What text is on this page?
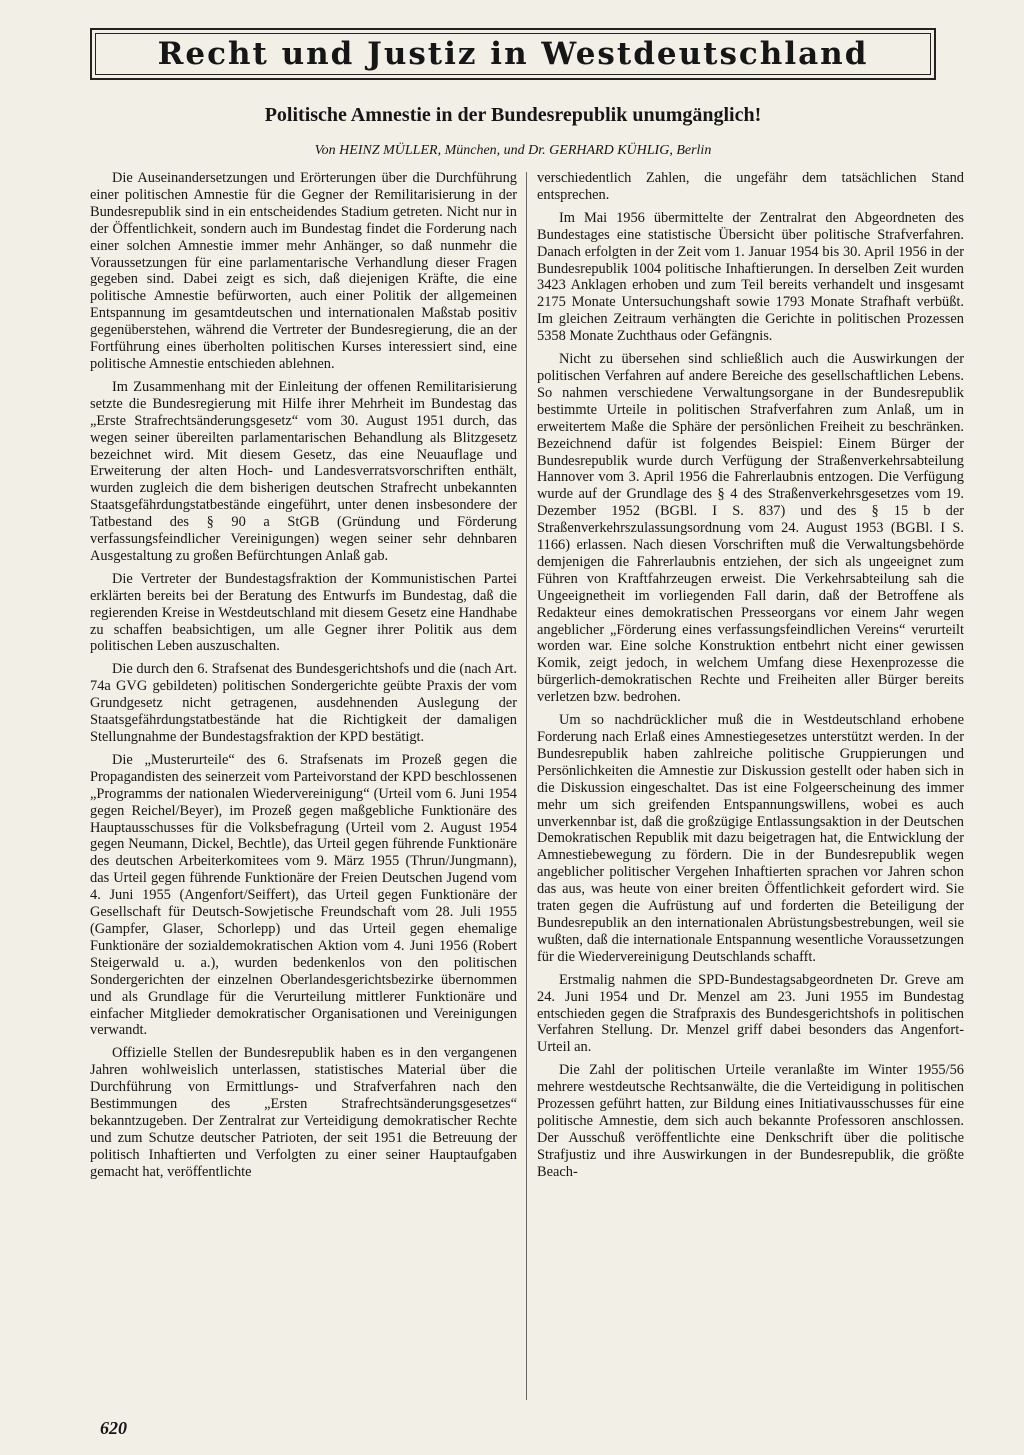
Recht und Justiz in Westdeutschland
Politische Amnestie in der Bundesrepublik unumgänglich!
Von HEINZ MÜLLER, München, und Dr. GERHARD KÜHLIG, Berlin

Die Auseinandersetzungen und Erörterungen über die Durchführung einer politischen Amnestie für die Gegner der Remilitarisierung in der Bundesrepublik sind in ein entscheidendes Stadium getreten. Nicht nur in der Öffentlichkeit, sondern auch im Bundestag findet die Forderung nach einer solchen Amnestie immer mehr Anhänger, so daß nunmehr die Voraussetzungen für eine parlamentarische Verhandlung dieser Fragen gegeben sind. Dabei zeigt es sich, daß diejenigen Kräfte, die eine politische Amnestie befürworten, auch einer Politik der allgemeinen Entspannung im gesamtdeutschen und internationalen Maßstab positiv gegenüberstehen, während die Vertreter der Bundesregierung, die an der Fortführung eines überholten politischen Kurses interessiert sind, eine politische Amnestie entschieden ablehnen.

Im Zusammenhang mit der Einleitung der offenen Remilitarisierung setzte die Bundesregierung mit Hilfe ihrer Mehrheit im Bundestag das „Erste Strafrechtsänderungsgesetz“ vom 30. August 1951 durch, das wegen seiner übereilten parlamentarischen Behandlung als Blitzgesetz bezeichnet wird. Mit diesem Gesetz, das eine Neuauflage und Erweiterung der alten Hoch- und Landesverratsvorschriften enthält, wurden zugleich die dem bisherigen deutschen Strafrecht unbekannten Staatsgefährdungstatbestände eingeführt, unter denen insbesondere der Tatbestand des § 90 a StGB (Gründung und Förderung verfassungsfeindlicher Vereinigungen) wegen seiner sehr dehnbaren Ausgestaltung zu großen Befürchtungen Anlaß gab.

Die Vertreter der Bundestagsfraktion der Kommunistischen Partei erklärten bereits bei der Beratung des Entwurfs im Bundestag, daß die regierenden Kreise in Westdeutschland mit diesem Gesetz eine Handhabe zu schaffen beabsichtigen, um alle Gegner ihrer Politik aus dem politischen Leben auszuschalten.

Die durch den 6. Strafsenat des Bundesgerichtshofs und die (nach Art. 74a GVG gebildeten) politischen Sondergerichte geübte Praxis der vom Grundgesetz nicht getragenen, ausdehnenden Auslegung der Staatsgefährdungstatbestände hat die Richtigkeit der damaligen Stellungnahme der Bundestagsfraktion der KPD bestätigt.

Die „Musterurteile“ des 6. Strafsenats im Prozeß gegen die Propagandisten des seinerzeit vom Parteivorstand der KPD beschlossenen „Programms der nationalen Wiedervereinigung“ (Urteil vom 6. Juni 1954 gegen Reichel/Beyer), im Prozeß gegen maßgebliche Funktionäre des Hauptausschusses für die Volksbefragung (Urteil vom 2. August 1954 gegen Neumann, Dickel, Bechtle), das Urteil gegen führende Funktionäre des deutschen Arbeiterkomitees vom 9. März 1955 (Thrun/Jungmann), das Urteil gegen führende Funktionäre der Freien Deutschen Jugend vom 4. Juni 1955 (Angenfort/Seiffert), das Urteil gegen Funktionäre der Gesellschaft für Deutsch-Sowjetische Freundschaft vom 28. Juli 1955 (Gampfer, Glaser, Schorlepp) und das Urteil gegen ehemalige Funktionäre der sozialdemokratischen Aktion vom 4. Juni 1956 (Robert Steigerwald u. a.), wurden bedenkenlos von den politischen Sondergerichten der einzelnen Oberlandesgerichtsbezirke übernommen und als Grundlage für die Verurteilung mittlerer Funktionäre und einfacher Mitglieder demokratischer Organisationen und Vereinigungen verwandt.

Offizielle Stellen der Bundesrepublik haben es in den vergangenen Jahren wohlweislich unterlassen, statistisches Material über die Durchführung von Ermittlungs- und Strafverfahren nach den Bestimmungen des „Ersten Strafrechtsänderungsgesetzes“ bekanntzugeben. Der Zentralrat zur Verteidigung demokratischer Rechte und zum Schutze deutscher Patrioten, der seit 1951 die Betreuung der politisch Inhaftierten und Verfolgten zu einer seiner Hauptaufgaben gemacht hat, veröffentlichte

verschiedentlich Zahlen, die ungefähr dem tatsächlichen Stand entsprechen.

Im Mai 1956 übermittelte der Zentralrat den Abgeordneten des Bundestages eine statistische Übersicht über politische Strafverfahren. Danach erfolgten in der Zeit vom 1. Januar 1954 bis 30. April 1956 in der Bundesrepublik 1004 politische Inhaftierungen. In derselben Zeit wurden 3423 Anklagen erhoben und zum Teil bereits verhandelt und insgesamt 2175 Monate Untersuchungshaft sowie 1793 Monate Strafhaft verbüßt. Im gleichen Zeitraum verhängten die Gerichte in politischen Prozessen 5358 Monate Zuchthaus oder Gefängnis.

Nicht zu übersehen sind schließlich auch die Auswirkungen der politischen Verfahren auf andere Bereiche des gesellschaftlichen Lebens. So nahmen verschiedene Verwaltungsorgane in der Bundesrepublik bestimmte Urteile in politischen Strafverfahren zum Anlaß, um in erweitertem Maße die Sphäre der persönlichen Freiheit zu beschränken. Bezeichnend dafür ist folgendes Beispiel: Einem Bürger der Bundesrepublik wurde durch Verfügung der Straßenverkehrsabteilung Hannover vom 3. April 1956 die Fahrerlaubnis entzogen. Die Verfügung wurde auf der Grundlage des § 4 des Straßenverkehrsgesetzes vom 19. Dezember 1952 (BGBl. I S. 837) und des § 15 b der Straßenverkehrszulassungsordnung vom 24. August 1953 (BGBl. I S. 1166) erlassen. Nach diesen Vorschriften muß die Verwaltungsbehörde demjenigen die Fahrerlaubnis entziehen, der sich als ungeeignet zum Führen von Kraftfahrzeugen erweist. Die Verkehrsabteilung sah die Ungeeignetheit im vorliegenden Fall darin, daß der Betroffene als Redakteur eines demokratischen Presseorgans vor einem Jahr wegen angeblicher „Förderung eines verfassungsfeindlichen Vereins“ verurteilt worden war. Eine solche Konstruktion entbehrt nicht einer gewissen Komik, zeigt jedoch, in welchem Umfang diese Hexenprozesse die bürgerlich-demokratischen Rechte und Freiheiten aller Bürger bereits verletzen bzw. bedrohen.

Um so nachdrücklicher muß die in Westdeutschland erhobene Forderung nach Erlaß eines Amnestiegesetzes unterstützt werden. In der Bundesrepublik haben zahlreiche politische Gruppierungen und Persönlichkeiten die Amnestie zur Diskussion gestellt oder haben sich in die Diskussion eingeschaltet. Das ist eine Folgeerscheinung des immer mehr um sich greifenden Entspannungswillens, wobei es auch unverkennbar ist, daß die großzügige Entlassungsaktion in der Deutschen Demokratischen Republik mit dazu beigetragen hat, die Entwicklung der Amnestiebewegung zu fördern. Die in der Bundesrepublik wegen angeblicher politischer Vergehen Inhaftierten sprachen vor Jahren schon das aus, was heute von einer breiten Öffentlichkeit gefordert wird. Sie traten gegen die Aufrüstung auf und forderten die Beteiligung der Bundesrepublik an den internationalen Abrüstungsbestrebungen, weil sie wußten, daß die internationale Entspannung wesentliche Voraussetzungen für die Wiedervereinigung Deutschlands schafft.

Erstmalig nahmen die SPD-Bundestagsabgeordneten Dr. Greve am 24. Juni 1954 und Dr. Menzel am 23. Juni 1955 im Bundestag entschieden gegen die Strafpraxis des Bundesgerichtshofs in politischen Verfahren Stellung. Dr. Menzel griff dabei besonders das Angenfort-Urteil an.

Die Zahl der politischen Urteile veranlaßte im Winter 1955/56 mehrere westdeutsche Rechtsanwälte, die die Verteidigung in politischen Prozessen geführt hatten, zur Bildung eines Initiativausschusses für eine politische Amnestie, dem sich auch bekannte Professoren anschlossen. Der Ausschuß veröffentlichte eine Denkschrift über die politische Strafjustiz und ihre Auswirkungen in der Bundesrepublik, die größte Beach-

620
